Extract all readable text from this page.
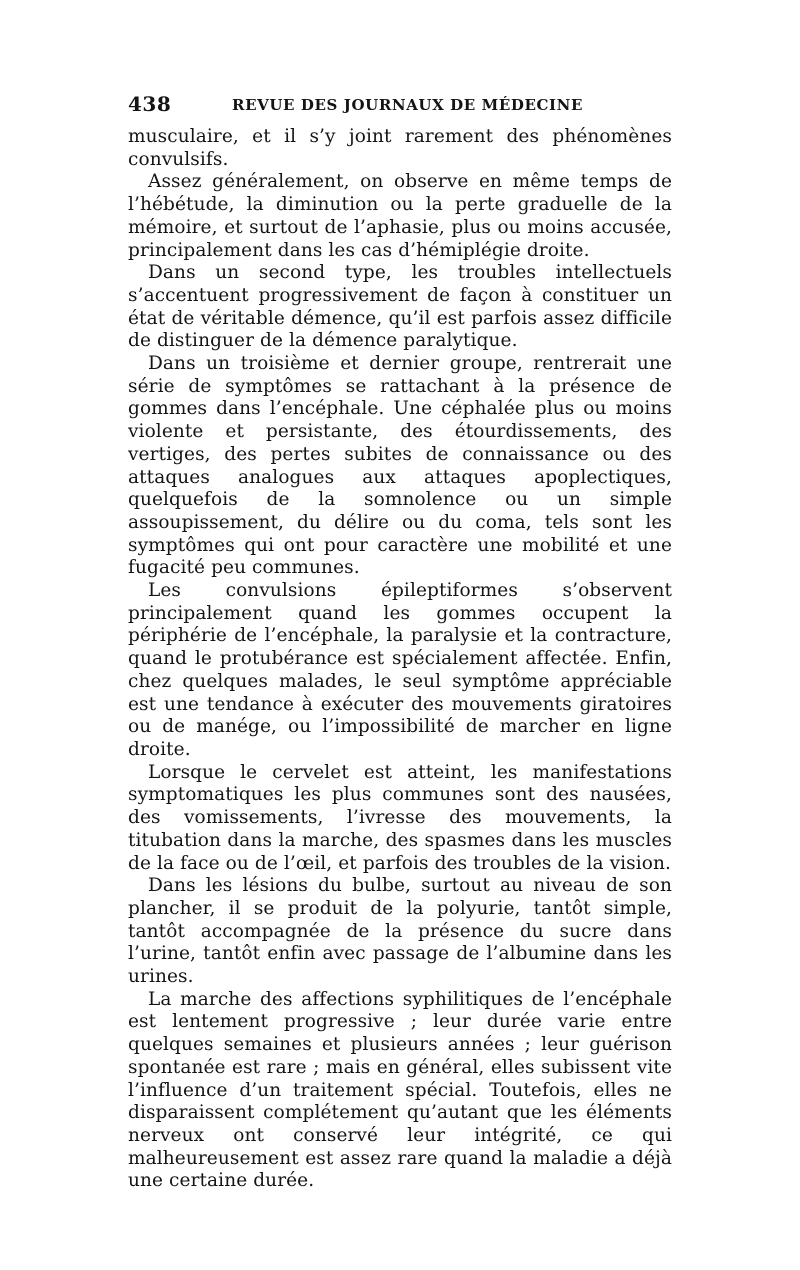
438	REVUE DES JOURNAUX DE MÉDECINE

musculaire, et il s’y joint rarement des phénomènes convulsifs.

Assez généralement, on observe en même temps de l’hébétude, la diminution ou la perte graduelle de la mémoire, et surtout de l’aphasie, plus ou moins accusée, principalement dans les cas d’hémiplégie droite.

Dans un second type, les troubles intellectuels s’accentuent progressivement de façon à constituer un état de véritable démence, qu’il est parfois assez difficile de distinguer de la démence paralytique.

Dans un troisième et dernier groupe, rentrerait une série de symptômes se rattachant à la présence de gommes dans l’encéphale. Une céphalée plus ou moins violente et persistante, des étourdissements, des vertiges, des pertes subites de connaissance ou des attaques analogues aux attaques apoplectiques, quelquefois de la somnolence ou un simple assoupissement, du délire ou du coma, tels sont les symptômes qui ont pour caractère une mobilité et une fugacité peu communes.

Les convulsions épileptiformes s’observent principalement quand les gommes occupent la périphérie de l’encéphale, la paralysie et la contracture, quand le protubérance est spécialement affectée. Enfin, chez quelques malades, le seul symptôme appréciable est une tendance à exécuter des mouvements giratoires ou de manége, ou l’impossibilité de marcher en ligne droite.

Lorsque le cervelet est atteint, les manifestations symptomatiques les plus communes sont des nausées, des vomissements, l’ivresse des mouvements, la titubation dans la marche, des spasmes dans les muscles de la face ou de l’œil, et parfois des troubles de la vision.

Dans les lésions du bulbe, surtout au niveau de son plancher, il se produit de la polyurie, tantôt simple, tantôt accompagnée de la présence du sucre dans l’urine, tantôt enfin avec passage de l’albumine dans les urines.

La marche des affections syphilitiques de l’encéphale est lentement progressive ; leur durée varie entre quelques semaines et plusieurs années ; leur guérison spontanée est rare ; mais en général, elles subissent vite l’influence d’un traitement spécial. Toutefois, elles ne disparaissent complétement qu’autant que les éléments nerveux ont conservé leur intégrité, ce qui malheureusement est assez rare quand la maladie a déjà une certaine durée.
